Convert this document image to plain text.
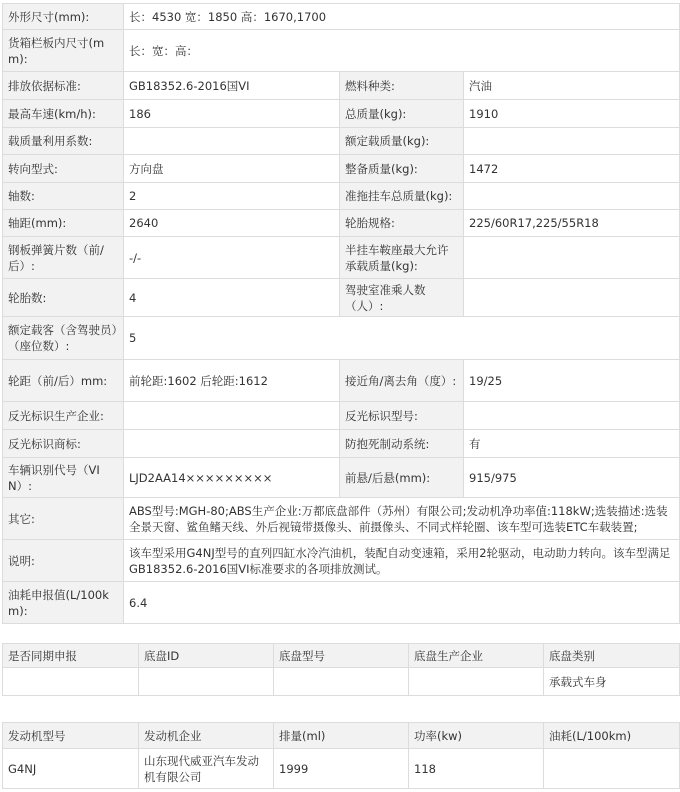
外形尺寸(mm):	长：4530 宽：1850 高：1670,1700		
货箱栏板内尺寸(mm):	长：宽：高：		
排放依据标准:	GB18352.6-2016国VI	燃料种类:	汽油
最高车速(km/h):	186	总质量(kg):	1910
载质量利用系数:		额定载质量(kg):	
转向型式:	方向盘	整备质量(kg):	1472
轴数:	2	准拖挂车总质量(kg):	
轴距(mm):	2640	轮胎规格:	225/60R17,225/55R18
钢板弹簧片数（前/后）:	-/-	半挂车鞍座最大允许承载质量(kg):	
轮胎数:	4	驾驶室准乘人数（人）:	
额定载客（含驾驶员）（座位数）:	5		
轮距（前/后）mm:	前轮距:1602 后轮距:1612	接近角/离去角（度）:	19/25
反光标识生产企业:		反光标识型号:	
反光标识商标:		防抱死制动系统:	有
车辆识别代号（VIN）:	LJD2AA14×××××××××	前悬/后悬(mm):	915/975
其它:	ABS型号:MGH-80;ABS生产企业:万都底盘部件（苏州）有限公司;发动机净功率值:118kW;选装描述:选装全景天窗、鲨鱼鳍天线、外后视镜带摄像头、前摄像头、不同式样轮圈、该车型可选装ETC车载装置;		
说明:	该车型采用G4NJ型号的直列四缸水冷汽油机，装配自动变速箱，采用2轮驱动，电动助力转向。该车型满足GB18352.6-2016国VI标准要求的各项排放测试。		
油耗申报值(L/100km):	6.4		
是否同期申报	底盘ID	底盘型号	底盘生产企业	底盘类别
				承载式车身
发动机型号	发动机企业	排量(ml)	功率(kw)	油耗(L/100km)
G4NJ	山东现代威亚汽车发动机有限公司	1999	118	
